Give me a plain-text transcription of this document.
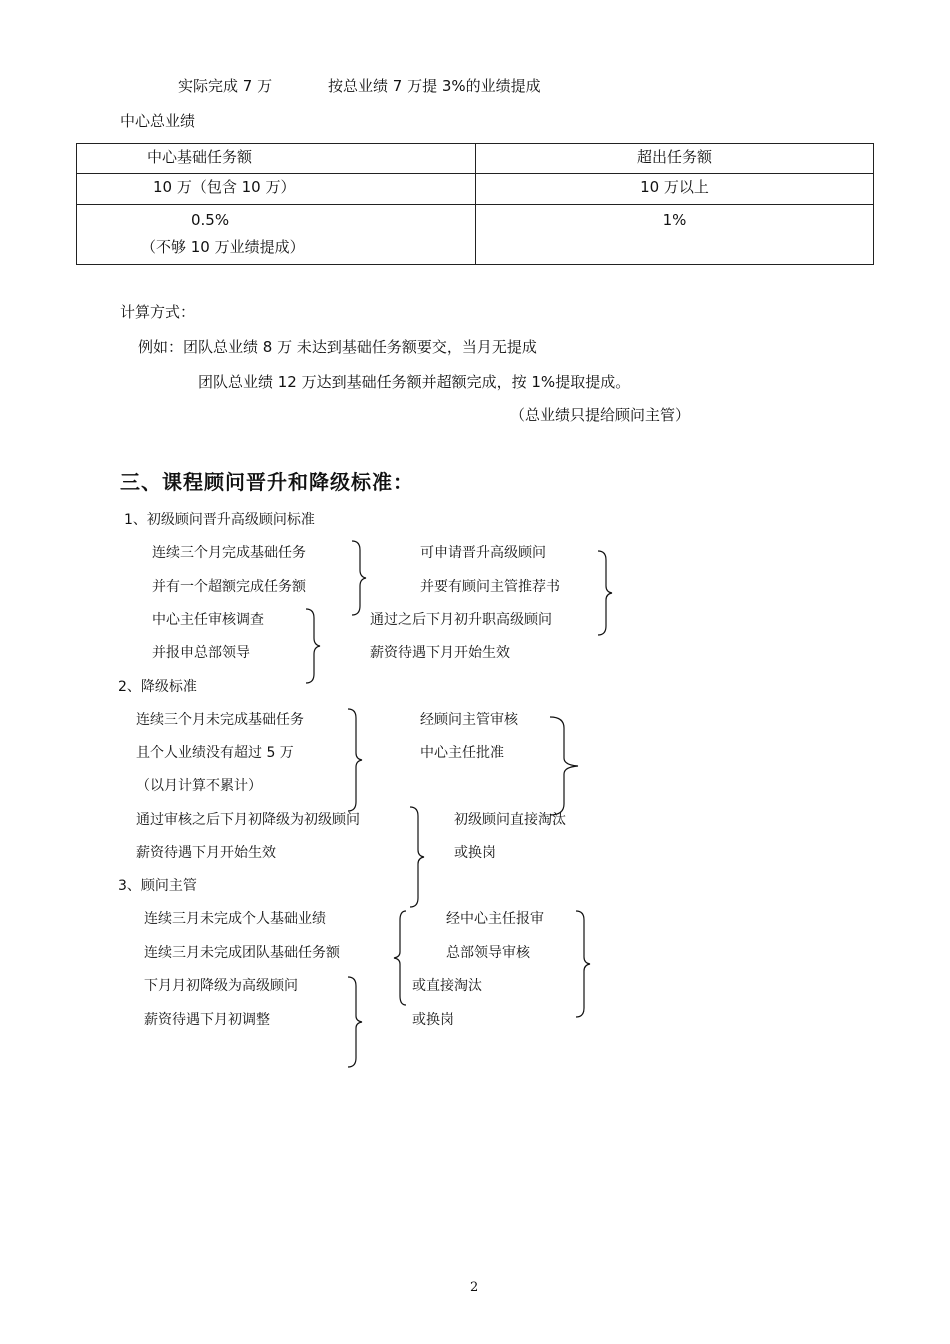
实际完成 7 万	按总业绩 7 万提 3%的业绩提成
中心总业绩
中心基础任务额	超出任务额
10 万（包含 10 万）	10 万以上

0.5%
（不够 10 万业绩提成）	1%
计算方式：
例如：团队总业绩 8 万 未达到基础任务额要交，当月无提成
团队总业绩 12 万达到基础任务额并超额完成，按 1%提取提成。
（总业绩只提给顾问主管）
三、课程顾问晋升和降级标准：
1、初级顾问晋升高级顾问标准
连续三个月完成基础任务
并有一个超额完成任务额
可申请晋升高级顾问
并要有顾问主管推荐书
中心主任审核调查
并报申总部领导
通过之后下月初升职高级顾问
薪资待遇下月开始生效
2、降级标准
连续三个月未完成基础任务
且个人业绩没有超过 5 万
（以月计算不累计）
经顾问主管审核
中心主任批准
通过审核之后下月初降级为初级顾问
薪资待遇下月开始生效
初级顾问直接淘汰
或换岗
3、顾问主管
连续三月未完成个人基础业绩
连续三月未完成团队基础任务额
经中心主任报审
总部领导审核
下月月初降级为高级顾问
薪资待遇下月初调整
或直接淘汰
或换岗
2
